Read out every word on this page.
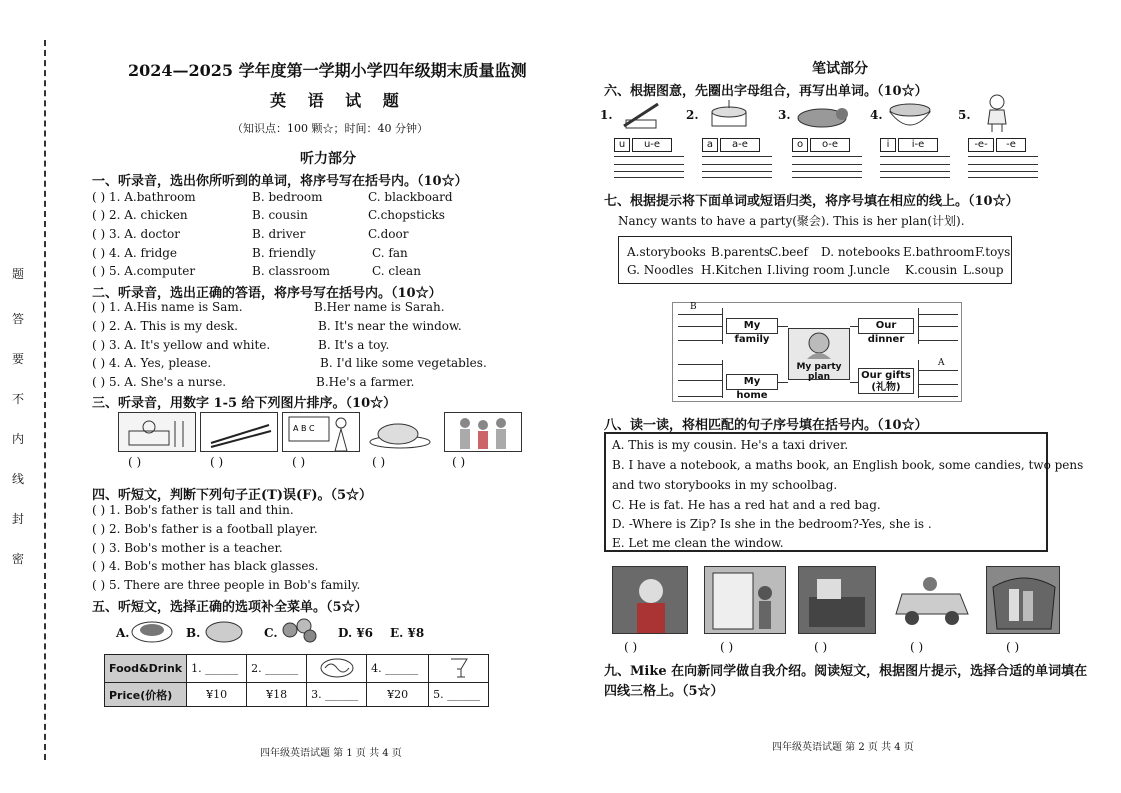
题
答
要
不
内
线
封
密
2024—2025 学年度第一学期小学四年级期末质量监测
英 语 试 题
（知识点：100 颗☆；时间：40 分钟）
听力部分
一、听录音，选出你所听到的单词，将序号写在括号内。（10☆）
( ) 1. A.bathroom	B. bedroom	C. blackboard
( ) 2. A. chicken	B. cousin	C.chopsticks
( ) 3. A. doctor	B. driver	C.door
( ) 4. A. fridge	B. friendly	C. fan
( ) 5. A.computer	B. classroom	C. clean
二、听录音，选出正确的答语，将序号写在括号内。（10☆）
( ) 1. A.His name is Sam.	B.Her name is Sarah.
( ) 2. A. This is my desk.	B. It's near the window.
( ) 3. A. It's yellow and white.	B. It's a toy.
( ) 4. A. Yes, please.	B. I'd like some vegetables.
( ) 5. A. She's a nurse.	B.He's a farmer.
三、听录音，用数字 1-5 给下列图片排序。（10☆）
A B C
( )	( )	( )	( )	( )
四、听短文，判断下列句子正(T)误(F)。（5☆）
( ) 1. Bob's father is tall and thin.
( ) 2. Bob's father is a football player.
( ) 3. Bob's mother is a teacher.
( ) 4. Bob's mother has black glasses.
( ) 5. There are three people in Bob's family.
五、听短文，选择正确的选项补全菜单。（5☆）
A.	B.	C.	D. ¥6 E. ¥8
Food&Drink	1. ______	2. ______		4. ______	
Price(价格)	¥10	¥18	3. ______	¥20	5. ______
四年级英语试题 第 1 页 共 4 页
笔试部分
六、根据图意，先圈出字母组合，再写出单词。（10☆）
1.	2.	3.	4.	5.
u	u-e	a	a-e	o	o-e	i	i-e	-e-	-e
七、根据提示将下面单词或短语归类，将序号填在相应的线上。（10☆）
Nancy wants to have a party(聚会). This is her plan(计划).
A.storybooks B.parents
C.beef D. notebooks E.bathroom F.toys
G. Noodles H.Kitchen I.living room J.uncle K.cousin L.soup
My family
My home
Our dinner
Our gifts (礼物)
My party plan
B
A
八、读一读，将相匹配的句子序号填在括号内。（10☆）
A. This is my cousin. He's a taxi driver.
B. I have a notebook, a maths book, an English book, some candies, two pens
and two storybooks in my schoolbag.
C. He is fat. He has a red hat and a red bag.
D. -Where is Zip? Is she in the bedroom?-Yes, she is .
E. Let me clean the window.
( )	( )	( )	( )	( )
九、Mike 在向新同学做自我介绍。阅读短文，根据图片提示，选择合适的单词填在
四线三格上。（5☆）
四年级英语试题 第 2 页 共 4 页
